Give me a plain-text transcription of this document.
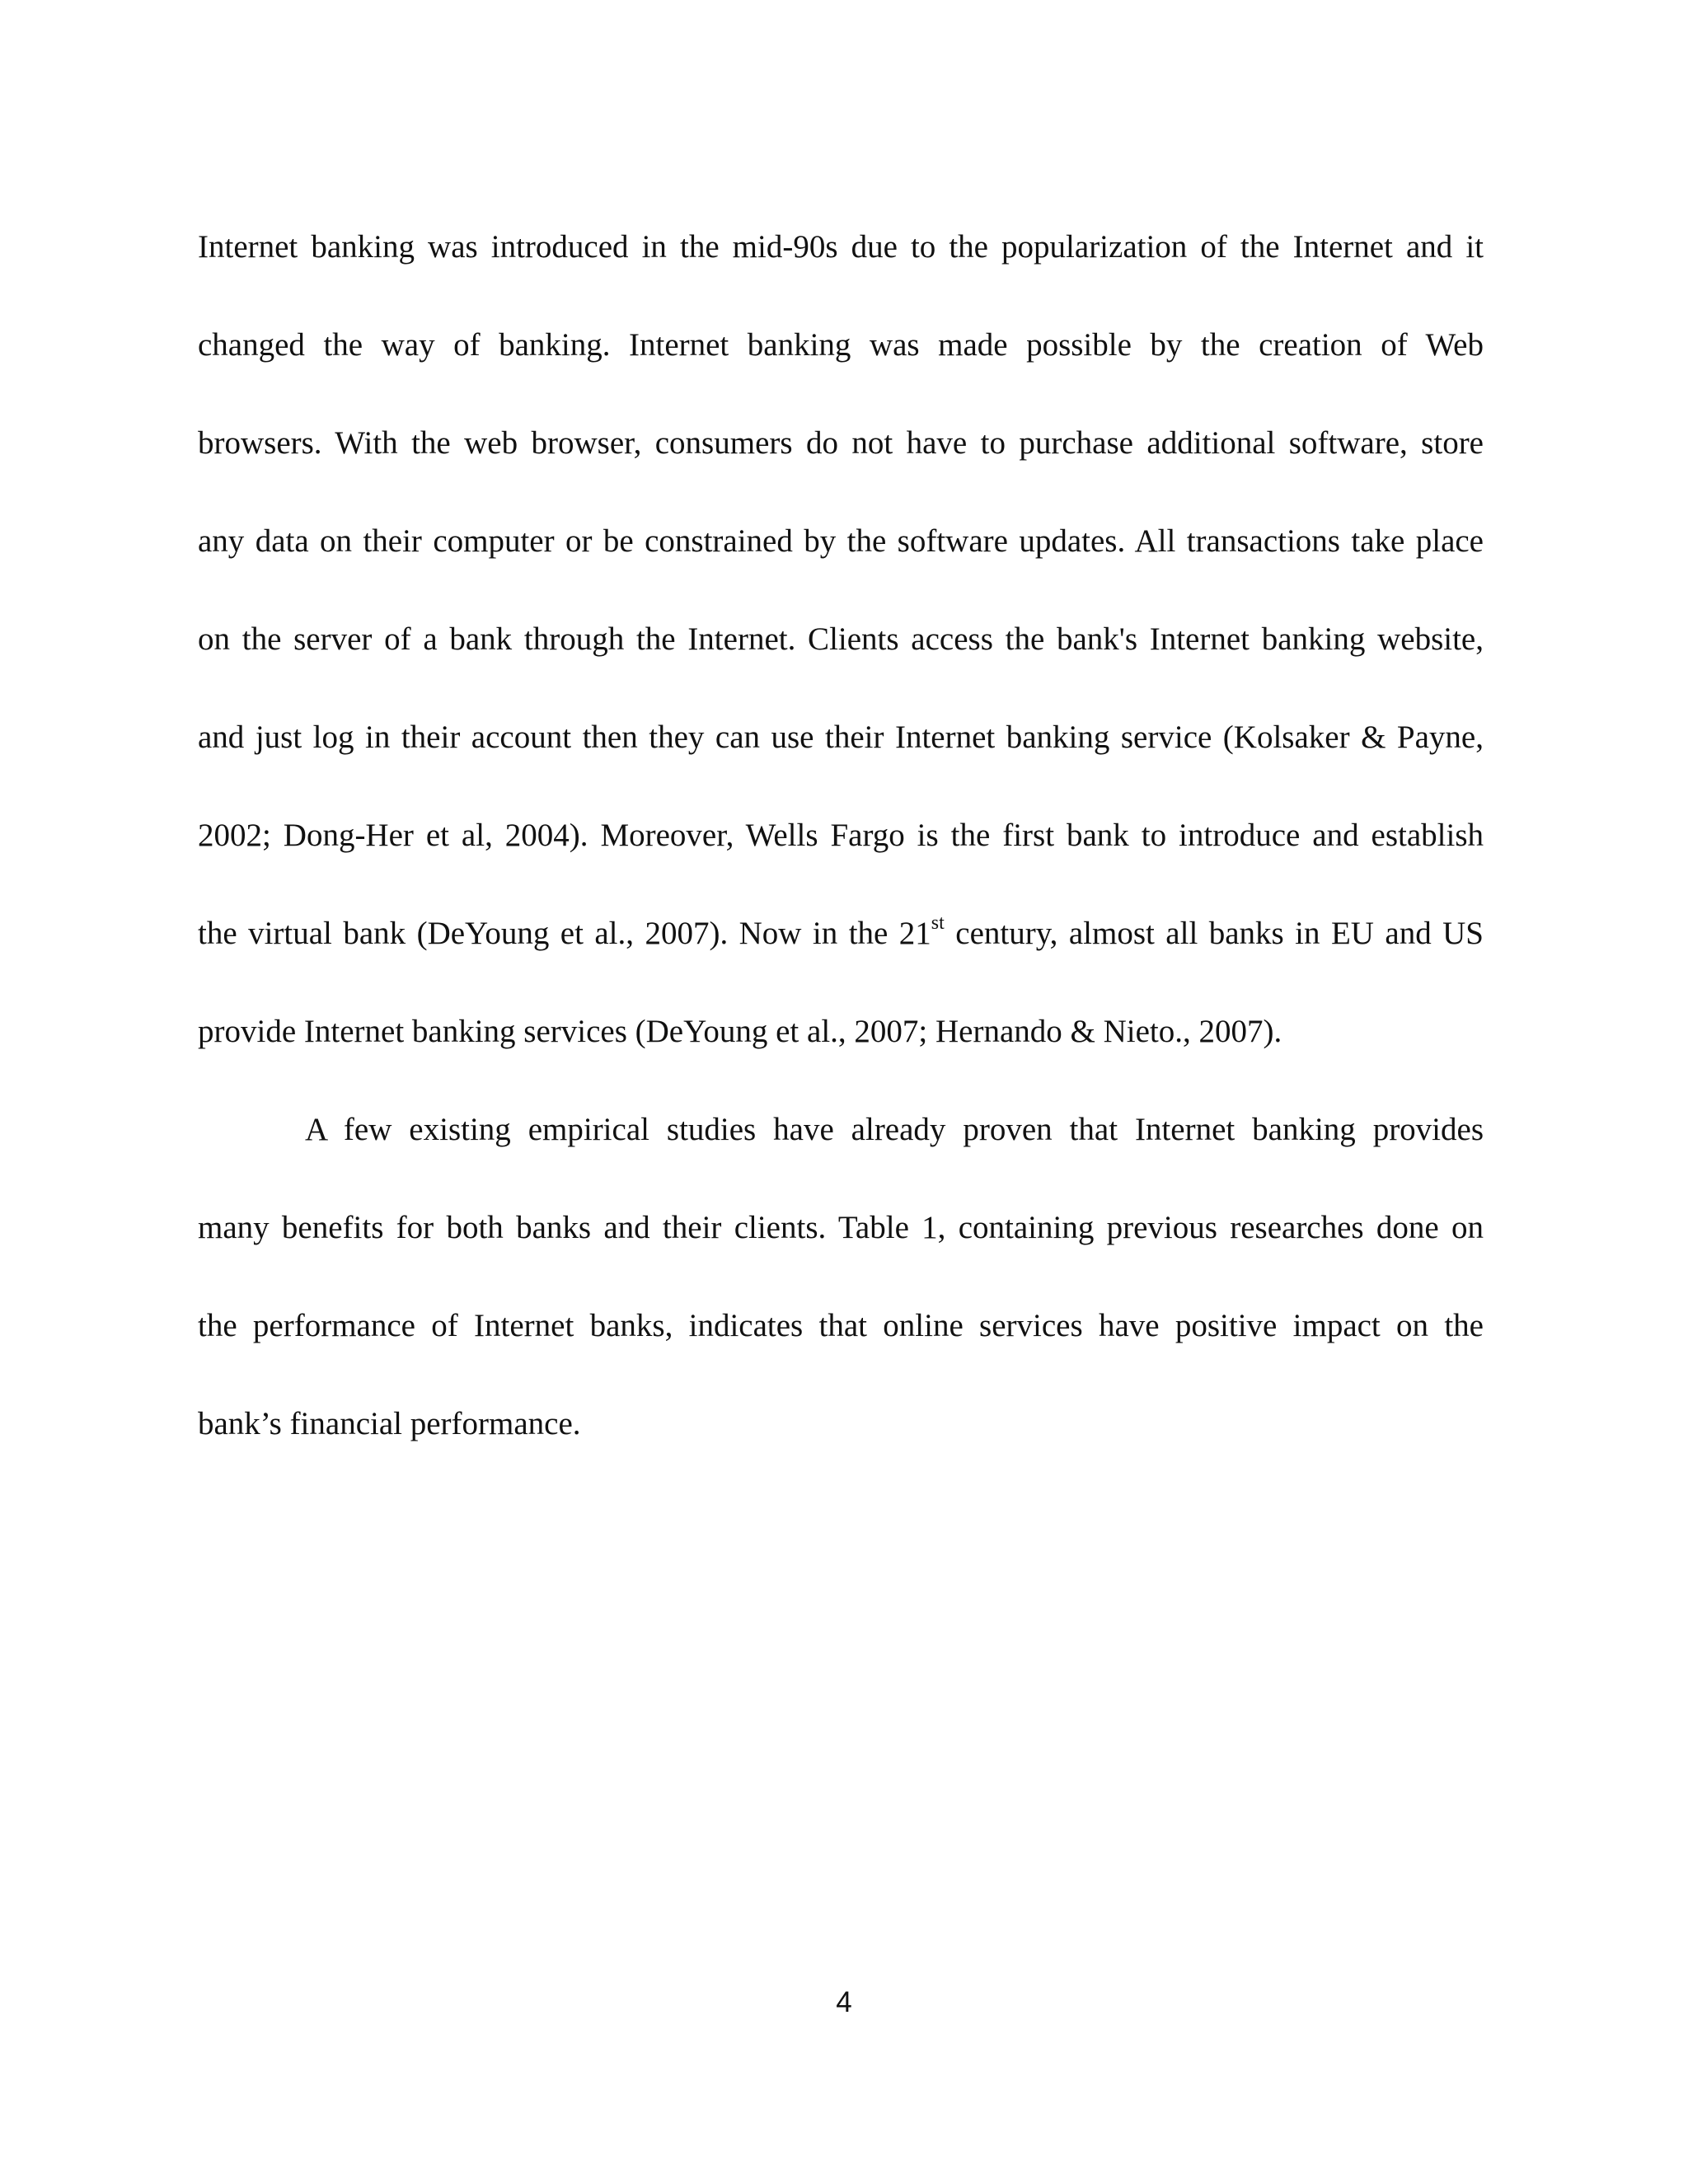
Internet banking was introduced in the mid-90s due to the popularization of the Internet and it
changed the way of banking. Internet banking was made possible by the creation of Web
browsers. With the web browser, consumers do not have to purchase additional software, store
any data on their computer or be constrained by the software updates. All transactions take place
on the server of a bank through the Internet. Clients access the bank's Internet banking website,
and just log in their account then they can use their Internet banking service (Kolsaker & Payne,
2002; Dong-Her et al, 2004). Moreover, Wells Fargo is the first bank to introduce and establish
the virtual bank (DeYoung et al., 2007). Now in the 21st century, almost all banks in EU and US
provide Internet banking services (DeYoung et al., 2007; Hernando & Nieto., 2007).
A few existing empirical studies have already proven that Internet banking provides
many benefits for both banks and their clients. Table 1, containing previous researches done on
the performance of Internet banks, indicates that online services have positive impact on the
bank’s financial performance.
4
